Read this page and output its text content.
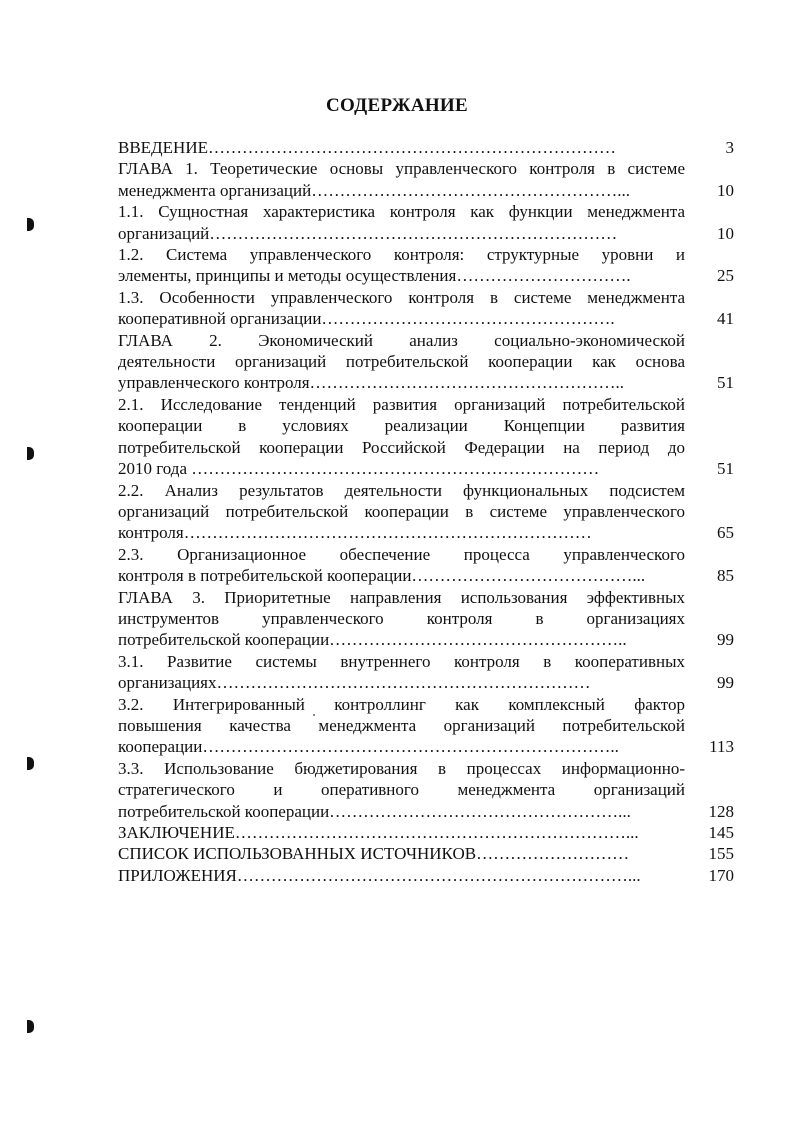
СОДЕРЖАНИЕ
ВВЕДЕНИЕ………………………………………………………………	3
ГЛАВА 1. Теоретические основы управленческого контроля в системе
менеджмента организаций………………………………………………...	10
1.1. Сущностная характеристика контроля как функции менеджмента
организаций………………………………………………………………	10
1.2. Система управленческого контроля: структурные уровни и
элементы, принципы и методы осуществления………………………….	25
1.3. Особенности управленческого контроля в системе менеджмента
кооперативной организации…………………………………………….	41
ГЛАВА 2. Экономический анализ социально-экономической
деятельности организаций потребительской кооперации как основа
управленческого контроля………………………………………………..	51
2.1. Исследование тенденций развития организаций потребительской
кооперации в условиях реализации Концепции развития
потребительской кооперации Российской Федерации на период до
2010 года ………………………………………………………………	51
2.2. Анализ результатов деятельности функциональных подсистем
организаций потребительской кооперации в системе управленческого
контроля………………………………………………………………	65
2.3. Организационное обеспечение процесса управленческого
контроля в потребительской кооперации…………………………………...	85
ГЛАВА 3. Приоритетные направления использования эффективных
инструментов управленческого контроля в организациях
потребительской кооперации……………………………………………..	99
3.1. Развитие системы внутреннего контроля в кооперативных
организациях…………………………………………………………	99
3.2. Интегрированный контроллинг как комплексный фактор
повышения качества менеджмента организаций потребительской
кооперации………………………………………………………………..	113
3.3. Использование бюджетирования в процессах информационно-
стратегического и оперативного менеджмента организаций
потребительской кооперации……………………………………………...	128
ЗАКЛЮЧЕНИЕ……………………………………………………………...	145
СПИСОК ИСПОЛЬЗОВАННЫХ ИСТОЧНИКОВ………………………	155
ПРИЛОЖЕНИЯ……………………………………………………………...	170
